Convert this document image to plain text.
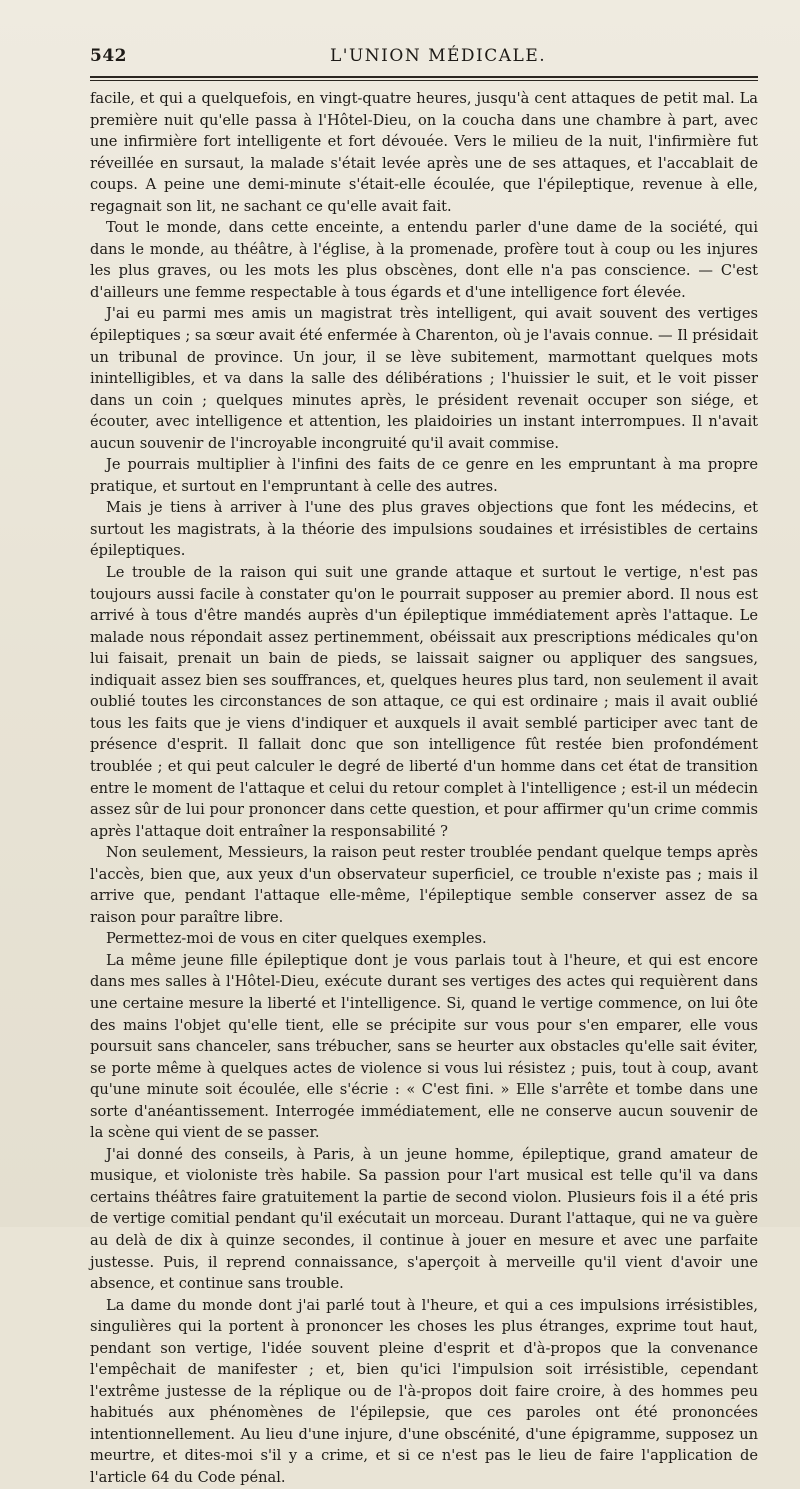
542	L'UNION MÉDICALE.

facile, et qui a quelquefois, en vingt-quatre heures, jusqu'à cent attaques de petit mal. La première nuit qu'elle passa à l'Hôtel-Dieu, on la coucha dans une chambre à part, avec une infirmière fort intelligente et fort dévouée. Vers le milieu de la nuit, l'infirmière fut réveillée en sursaut, la malade s'était levée après une de ses attaques, et l'accablait de coups. A peine une demi-minute s'était-elle écoulée, que l'épileptique, revenue à elle, regagnait son lit, ne sachant ce qu'elle avait fait.

Tout le monde, dans cette enceinte, a entendu parler d'une dame de la société, qui dans le monde, au théâtre, à l'église, à la promenade, profère tout à coup ou les injures les plus graves, ou les mots les plus obscènes, dont elle n'a pas conscience. — C'est d'ailleurs une femme respectable à tous égards et d'une intelligence fort élevée.

J'ai eu parmi mes amis un magistrat très intelligent, qui avait souvent des vertiges épileptiques ; sa sœur avait été enfermée à Charenton, où je l'avais connue. — Il présidait un tribunal de province. Un jour, il se lève subitement, marmottant quelques mots inintelligibles, et va dans la salle des délibérations ; l'huissier le suit, et le voit pisser dans un coin ; quelques minutes après, le président revenait occuper son siége, et écouter, avec intelligence et attention, les plaidoiries un instant interrompues. Il n'avait aucun souvenir de l'incroyable incongruité qu'il avait commise.

Je pourrais multiplier à l'infini des faits de ce genre en les empruntant à ma propre pratique, et surtout en l'empruntant à celle des autres.

Mais je tiens à arriver à l'une des plus graves objections que font les médecins, et surtout les magistrats, à la théorie des impulsions soudaines et irrésistibles de certains épileptiques.

Le trouble de la raison qui suit une grande attaque et surtout le vertige, n'est pas toujours aussi facile à constater qu'on le pourrait supposer au premier abord. Il nous est arrivé à tous d'être mandés auprès d'un épileptique immédiatement après l'attaque. Le malade nous répondait assez pertinemment, obéissait aux prescriptions médicales qu'on lui faisait, prenait un bain de pieds, se laissait saigner ou appliquer des sangsues, indiquait assez bien ses souffrances, et, quelques heures plus tard, non seulement il avait oublié toutes les circonstances de son attaque, ce qui est ordinaire ; mais il avait oublié tous les faits que je viens d'indiquer et auxquels il avait semblé participer avec tant de présence d'esprit. Il fallait donc que son intelligence fût restée bien profondément troublée ; et qui peut calculer le degré de liberté d'un homme dans cet état de transition entre le moment de l'attaque et celui du retour complet à l'intelligence ; est-il un médecin assez sûr de lui pour prononcer dans cette question, et pour affirmer qu'un crime commis après l'attaque doit entraîner la responsabilité ?

Non seulement, Messieurs, la raison peut rester troublée pendant quelque temps après l'accès, bien que, aux yeux d'un observateur superficiel, ce trouble n'existe pas ; mais il arrive que, pendant l'attaque elle-même, l'épileptique semble conserver assez de sa raison pour paraître libre.

Permettez-moi de vous en citer quelques exemples.

La même jeune fille épileptique dont je vous parlais tout à l'heure, et qui est encore dans mes salles à l'Hôtel-Dieu, exécute durant ses vertiges des actes qui requièrent dans une certaine mesure la liberté et l'intelligence. Si, quand le vertige commence, on lui ôte des mains l'objet qu'elle tient, elle se précipite sur vous pour s'en emparer, elle vous poursuit sans chanceler, sans trébucher, sans se heurter aux obstacles qu'elle sait éviter, se porte même à quelques actes de violence si vous lui résistez ; puis, tout à coup, avant qu'une minute soit écoulée, elle s'écrie : « C'est fini. » Elle s'arrête et tombe dans une sorte d'anéantissement. Interrogée immédiatement, elle ne conserve aucun souvenir de la scène qui vient de se passer.

J'ai donné des conseils, à Paris, à un jeune homme, épileptique, grand amateur de musique, et violoniste très habile. Sa passion pour l'art musical est telle qu'il va dans certains théâtres faire gratuitement la partie de second violon. Plusieurs fois il a été pris de vertige comitial pendant qu'il exécutait un morceau. Durant l'attaque, qui ne va guère au delà de dix à quinze secondes, il continue à jouer en mesure et avec une parfaite justesse. Puis, il reprend connaissance, s'aperçoit à merveille qu'il vient d'avoir une absence, et continue sans trouble.

La dame du monde dont j'ai parlé tout à l'heure, et qui a ces impulsions irrésistibles, singulières qui la portent à prononcer les choses les plus étranges, exprime tout haut, pendant son vertige, l'idée souvent pleine d'esprit et d'à-propos que la convenance l'empêchait de manifester ; et, bien qu'ici l'impulsion soit irrésistible, cependant l'extrême justesse de la réplique ou de l'à-propos doit faire croire, à des hommes peu habitués aux phénomènes de l'épilepsie, que ces paroles ont été prononcées intentionnellement. Au lieu d'une injure, d'une obscénité, d'une épigramme, supposez un meurtre, et dites-moi s'il y a crime, et si ce n'est pas le lieu de faire l'application de l'article 64 du Code pénal.
